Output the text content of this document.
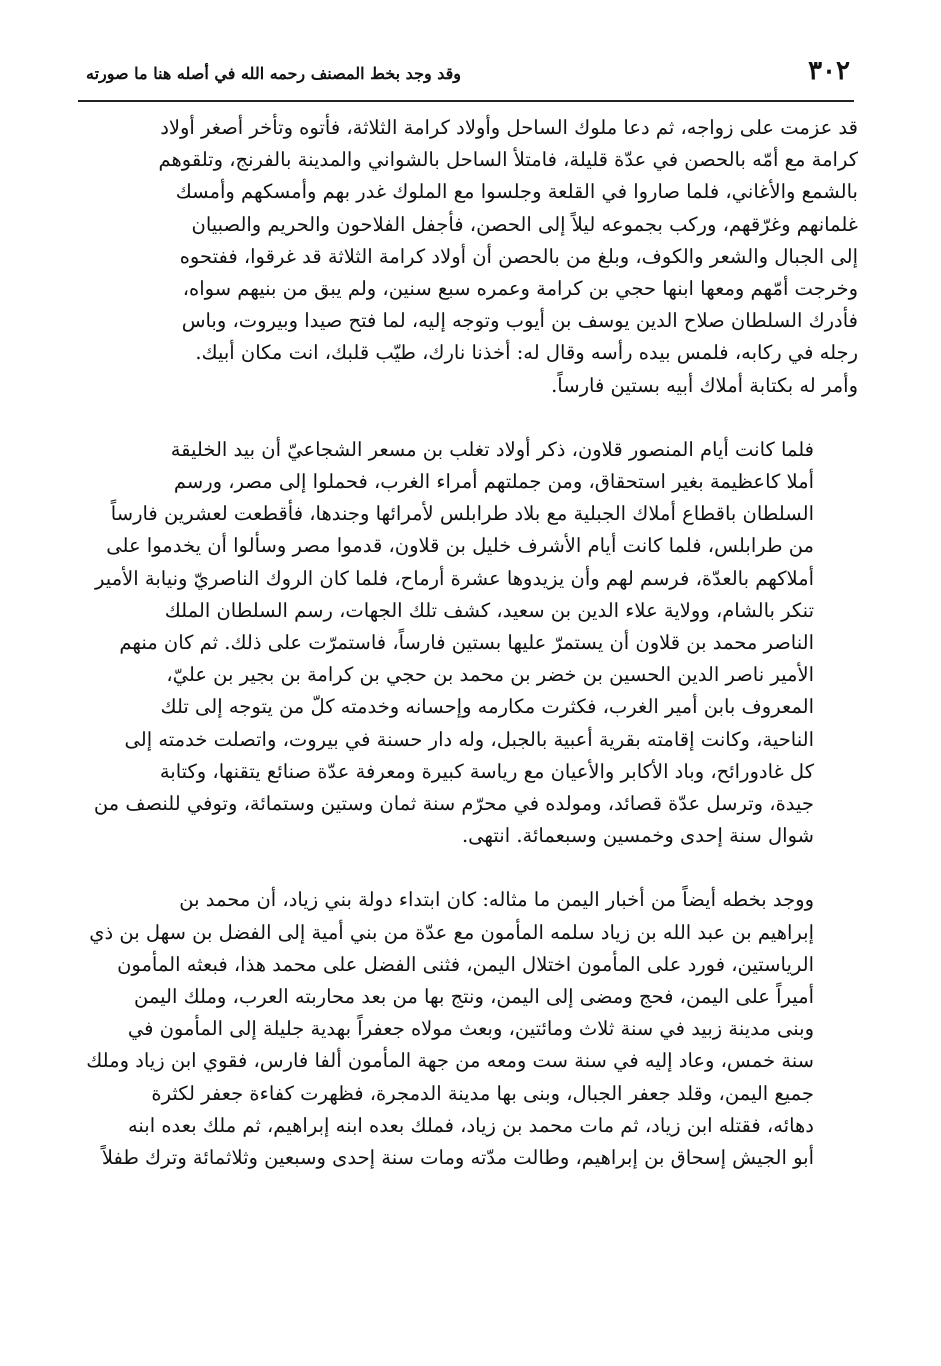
٣٠٢
وقد وجد بخط المصنف رحمه الله في أصله هنا ما صورته

قد عزمت على زواجه، ثم دعا ملوك الساحل وأولاد كرامة الثلاثة، فأتوه وتأخر أصغر أولاد
كرامة مع أمّه بالحصن في عدّة قليلة، فامتلأ الساحل بالشواني والمدينة بالفرنج، وتلقوهم
بالشمع والأغاني، فلما صاروا في القلعة وجلسوا مع الملوك غدر بهم وأمسكهم وأمسك
غلمانهم وغرّقهم، وركب بجموعه ليلاً إلى الحصن، فأجفل الفلاحون والحريم والصبيان
إلى الجبال والشعر والكوف، وبلغ من بالحصن أن أولاد كرامة الثلاثة قد غرقوا، ففتحوه
وخرجت أمّهم ومعها ابنها حجي بن كرامة وعمره سبع سنين، ولم يبق من بنيهم سواه،
فأدرك السلطان صلاح الدين يوسف بن أيوب وتوجه إليه، لما فتح صيدا وبيروت، وباس
رجله في ركابه، فلمس بيده رأسه وقال له: أخذنا نارك، طيّب قلبك، انت مكان أبيك.
وأمر له بكتابة أملاك أبيه بستين فارساً.

فلما كانت أيام المنصور قلاون، ذكر أولاد تغلب بن مسعر الشجاعيّ أن بيد الخليقة
أملا كاعظيمة بغير استحقاق، ومن جملتهم أمراء الغرب، فحملوا إلى مصر، ورسم
السلطان باقطاع أملاك الجبلية مع بلاد طرابلس لأمرائها وجندها، فأقطعت لعشرين فارساً
من طرابلس، فلما كانت أيام الأشرف خليل بن قلاون، قدموا مصر وسألوا أن يخدموا على
أملاكهم بالعدّة، فرسم لهم وأن يزيدوها عشرة أرماح، فلما كان الروك الناصريّ ونيابة الأمير
تنكر بالشام، وولاية علاء الدين بن سعيد، كشف تلك الجهات، رسم السلطان الملك
الناصر محمد بن قلاون أن يستمرّ عليها بستين فارساً، فاستمرّت على ذلك. ثم كان منهم
الأمير ناصر الدين الحسين بن خضر بن محمد بن حجي بن كرامة بن بجير بن عليّ،
المعروف بابن أمير الغرب، فكثرت مكارمه وإحسانه وخدمته كلّ من يتوجه إلى تلك
الناحية، وكانت إقامته بقرية أعبية بالجبل، وله دار حسنة في بيروت، واتصلت خدمته إلى
كل غادورائح، وباد الأكابر والأعيان مع رياسة كبيرة ومعرفة عدّة صنائع يتقنها، وكتابة
جيدة، وترسل عدّة قصائد، ومولده في محرّم سنة ثمان وستين وستمائة، وتوفي للنصف من
شوال سنة إحدى وخمسين وسبعمائة. انتهى.

ووجد بخطه أيضاً من أخبار اليمن ما مثاله: كان ابتداء دولة بني زياد، أن محمد بن
إبراهيم بن عبد الله بن زياد سلمه المأمون مع عدّة من بني أمية إلى الفضل بن سهل بن ذي
الرياستين، فورد على المأمون اختلال اليمن، فثنى الفضل على محمد هذا، فبعثه المأمون
أميراً على اليمن، فحج ومضى إلى اليمن، ونتج بها من بعد محاربته العرب، وملك اليمن
وبنى مدينة زبيد في سنة ثلاث ومائتين، وبعث مولاه جعفراً بهدية جليلة إلى المأمون في
سنة خمس، وعاد إليه في سنة ست ومعه من جهة المأمون ألفا فارس، فقوي ابن زياد وملك
جميع اليمن، وقلد جعفر الجبال، وبنى بها مدينة الدمجرة، فظهرت كفاءة جعفر لكثرة
دهائه، فقتله ابن زياد، ثم مات محمد بن زياد، فملك بعده ابنه إبراهيم، ثم ملك بعده ابنه
أبو الجيش إسحاق بن إبراهيم، وطالت مدّته ومات سنة إحدى وسبعين وثلاثمائة وترك طفلاً
